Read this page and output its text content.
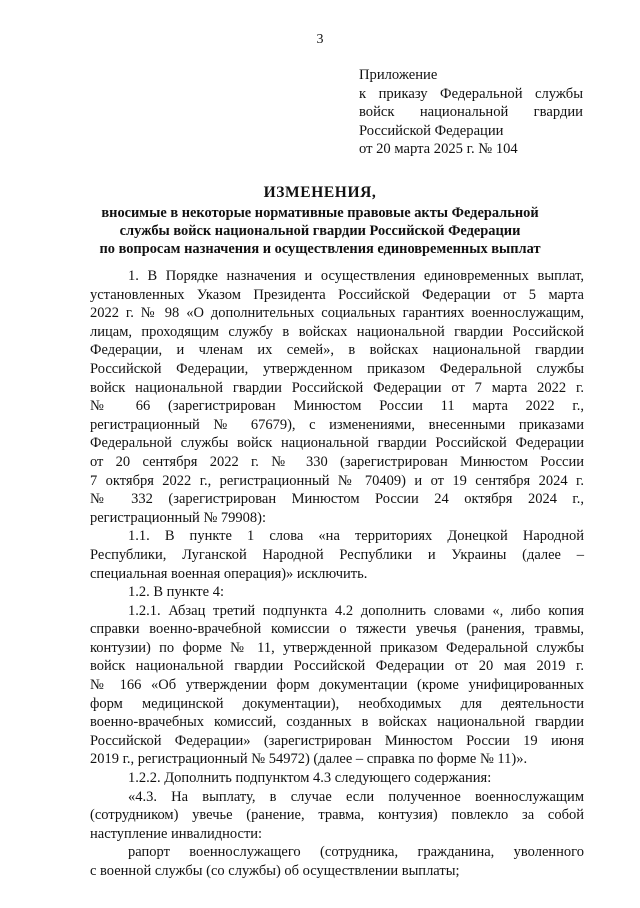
3
Приложение
к приказу Федеральной службы
войск национальной гвардии
Российской Федерации
от 20 марта 2025 г. № 104
ИЗМЕНЕНИЯ,
вносимые в некоторые нормативные правовые акты Федеральной
службы войск национальной гвардии Российской Федерации
по вопросам назначения и осуществления единовременных выплат
1. В Порядке назначения и осуществления единовременных выплат,
установленных Указом Президента Российской Федерации от 5 марта
2022 г. № 98 «О дополнительных социальных гарантиях военнослужащим,
лицам, проходящим службу в войсках национальной гвардии Российской
Федерации, и членам их семей», в войсках национальной гвардии
Российской Федерации, утвержденном приказом Федеральной службы
войск национальной гвардии Российской Федерации от 7 марта 2022 г.
№ 66 (зарегистрирован Минюстом России 11 марта 2022 г.,
регистрационный № 67679), с изменениями, внесенными приказами
Федеральной службы войск национальной гвардии Российской Федерации
от 20 сентября 2022 г. № 330 (зарегистрирован Минюстом России
7 октября 2022 г., регистрационный № 70409) и от 19 сентября 2024 г.
№ 332 (зарегистрирован Минюстом России 24 октября 2024 г.,
регистрационный № 79908):
1.1. В пункте 1 слова «на территориях Донецкой Народной
Республики, Луганской Народной Республики и Украины (далее –
специальная военная операция)» исключить.
1.2. В пункте 4:
1.2.1. Абзац третий подпункта 4.2 дополнить словами «, либо копия
справки военно-врачебной комиссии о тяжести увечья (ранения, травмы,
контузии) по форме № 11, утвержденной приказом Федеральной службы
войск национальной гвардии Российской Федерации от 20 мая 2019 г.
№ 166 «Об утверждении форм документации (кроме унифицированных
форм медицинской документации), необходимых для деятельности
военно-врачебных комиссий, созданных в войсках национальной гвардии
Российской Федерации» (зарегистрирован Минюстом России 19 июня
2019 г., регистрационный № 54972) (далее – справка по форме № 11)».
1.2.2. Дополнить подпунктом 4.3 следующего содержания:
«4.3. На выплату, в случае если полученное военнослужащим
(сотрудником) увечье (ранение, травма, контузия) повлекло за собой
наступление инвалидности:
рапорт военнослужащего (сотрудника, гражданина, уволенного
с военной службы (со службы) об осуществлении выплаты;
